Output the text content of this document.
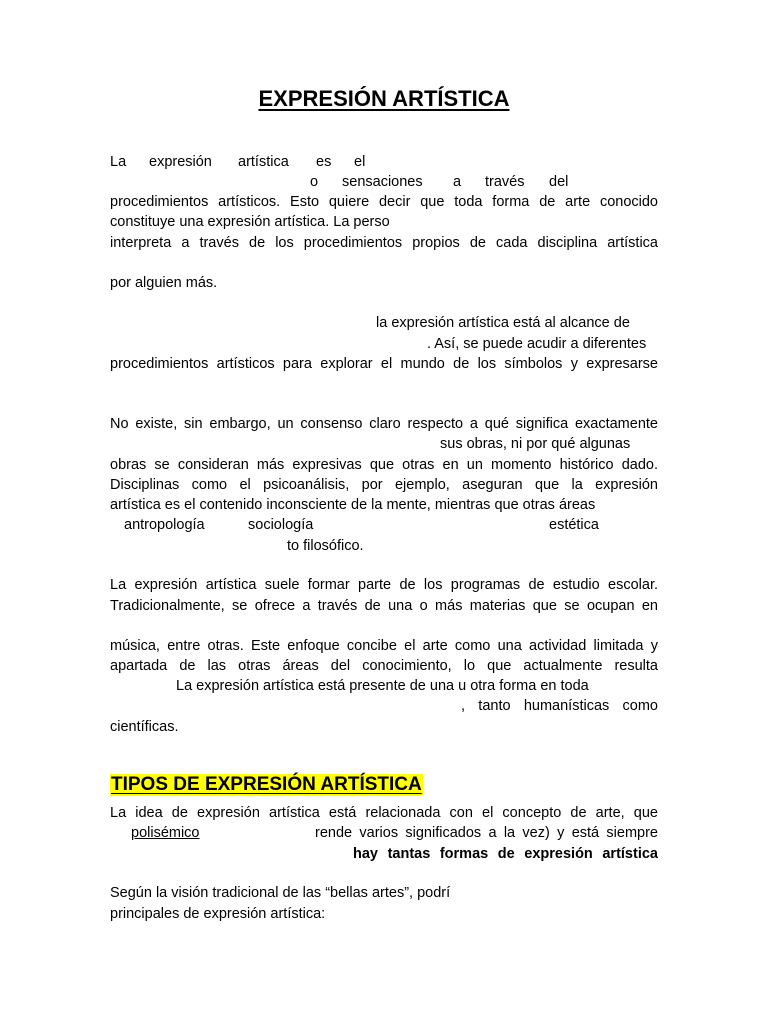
EXPRESIÓN ARTÍSTICA
La expresión artística es el
o sensaciones a través del
procedimientos artísticos. Esto quiere decir que toda forma de arte conocido
constituye una expresión artística. La perso
interpreta a través de los procedimientos propios de cada disciplina artística
por alguien más.
la expresión artística está al alcance de
. Así, se puede acudir a diferentes
procedimientos artísticos para explorar el mundo de los símbolos y expresarse
No existe, sin embargo, un consenso claro respecto a qué significa exactamente
sus obras, ni por qué algunas
obras se consideran más expresivas que otras en un momento histórico dado.
Disciplinas como el psicoanálisis, por ejemplo, aseguran que la expresión
artística es el contenido inconsciente de la mente, mientras que otras áreas
antropología	sociología	estética
to filosófico.
La expresión artística suele formar parte de los programas de estudio escolar.
Tradicionalmente, se ofrece a través de una o más materias que se ocupan en
música, entre otras. Este enfoque concibe el arte como una actividad limitada y
apartada de las otras áreas del conocimiento, lo que actualmente resulta
La expresión artística está presente de una u otra forma en toda
, tanto humanísticas como
científicas.
TIPOS DE EXPRESIÓN ARTÍSTICA
La idea de expresión artística está relacionada con el concepto de arte, que
polisémico	rende varios significados a la vez) y está siempre
hay tantas formas de expresión artística
Según la visión tradicional de las “bellas artes”, podrí
principales de expresión artística:
